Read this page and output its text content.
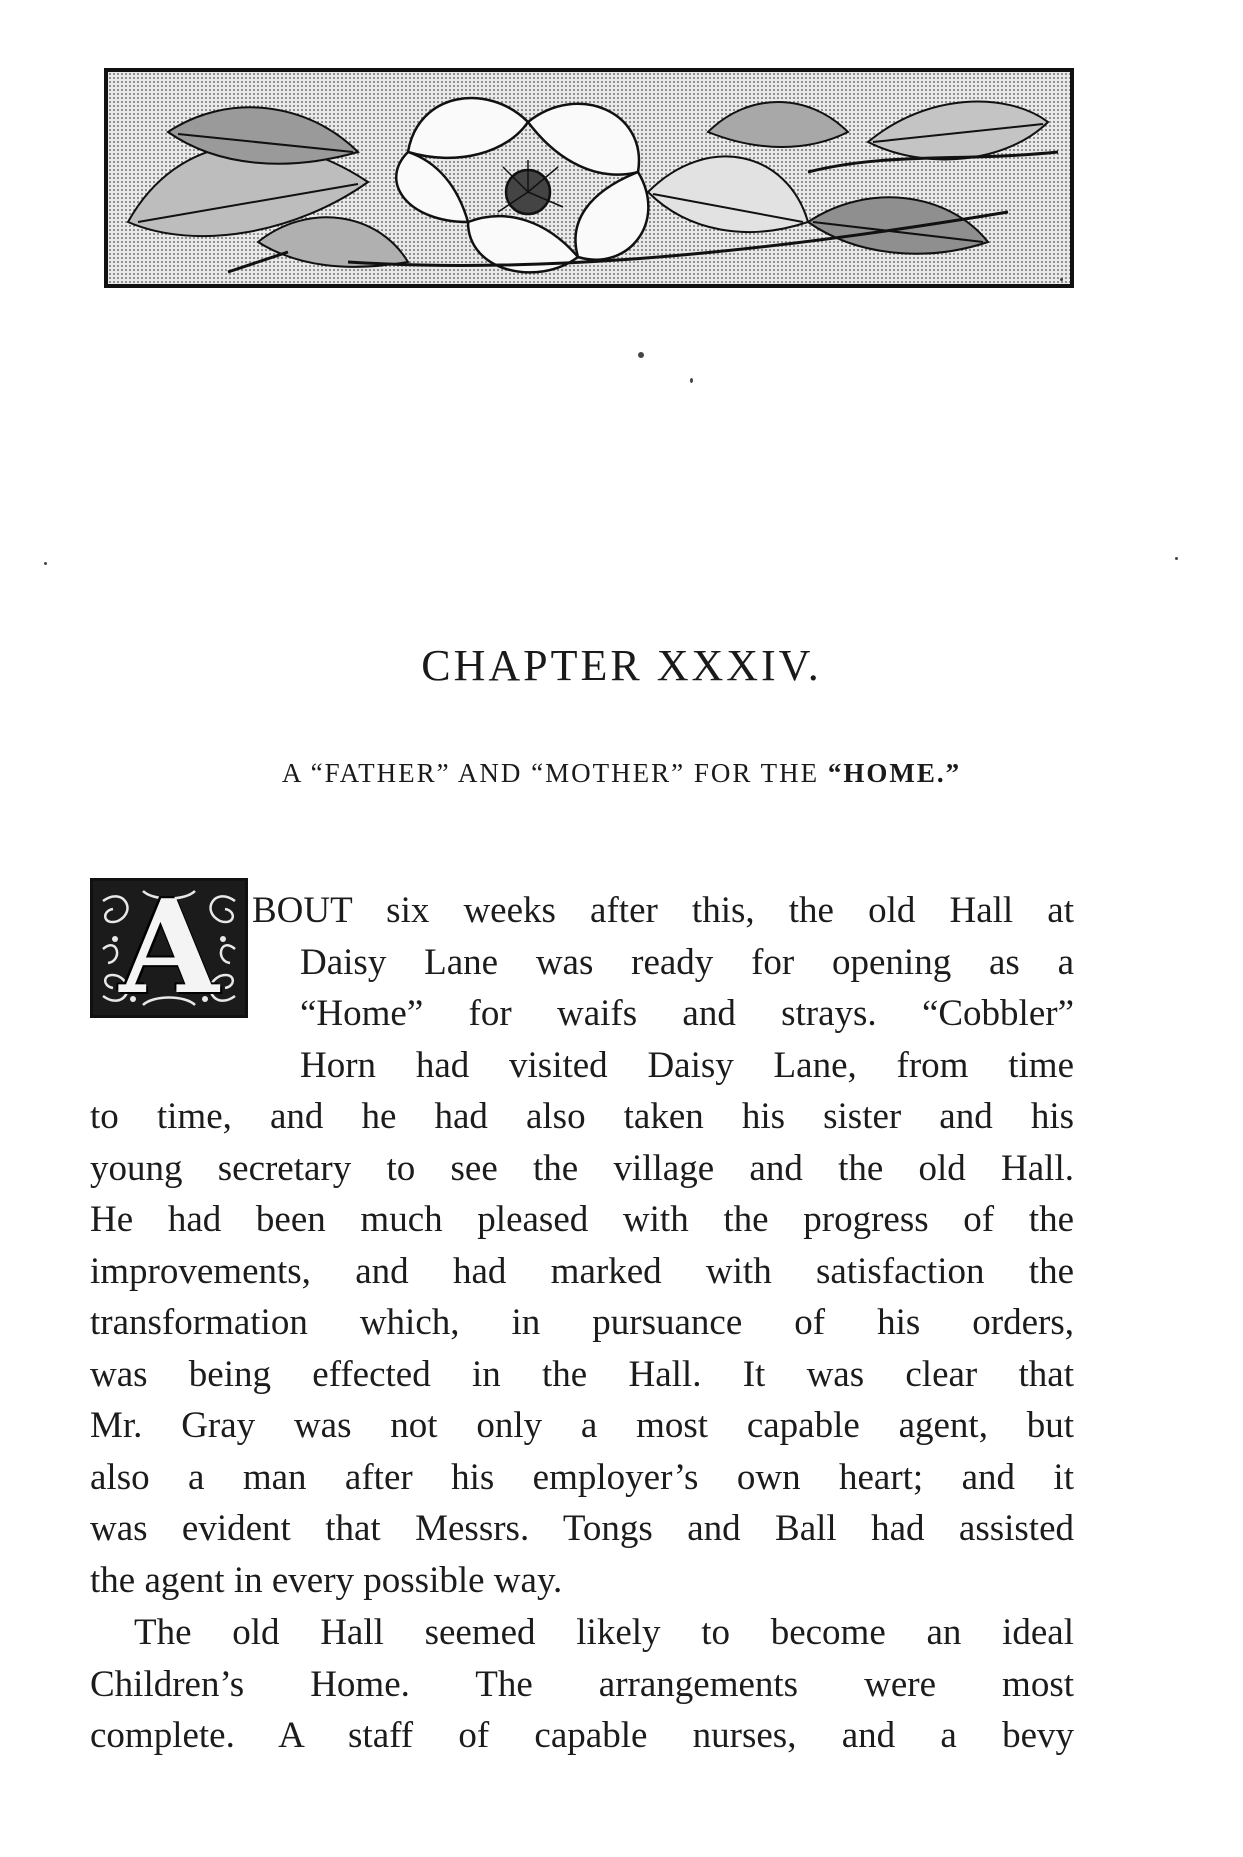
CHAPTER XXXIV.
A “FATHER” AND “MOTHER” FOR THE “HOME.”
A BOUT six weeks after this, the old Hall at
Daisy Lane was ready for opening as a
“Home” for waifs and strays. “Cobbler”
Horn had visited Daisy Lane, from time
to time, and he had also taken his sister and his
young secretary to see the village and the old Hall.
He had been much pleased with the progress of the
improvements, and had marked with satisfaction the
transformation which, in pursuance of his orders,
was being effected in the Hall. It was clear that
Mr. Gray was not only a most capable agent, but
also a man after his employer’s own heart; and it
was evident that Messrs. Tongs and Ball had assisted
the agent in every possible way.
The old Hall seemed likely to become an ideal
Children’s Home. The arrangements were most
complete. A staff of capable nurses, and a bevy
